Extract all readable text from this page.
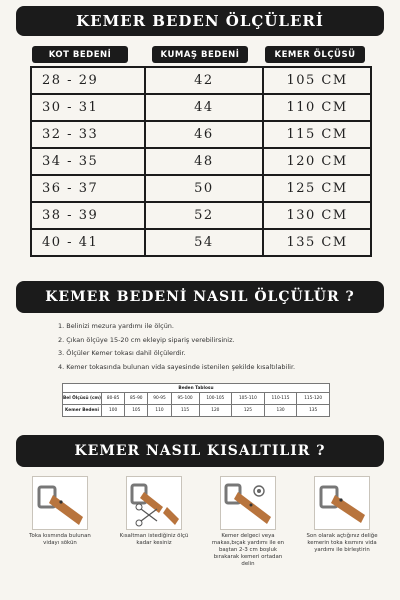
KEMER BEDEN ÖLÇÜLERİ
KOT BEDENİ	KUMAŞ BEDENİ	KEMER ÖLÇÜSÜ
28 - 29	42	105 CM
30 - 31	44	110 CM
32 - 33	46	115 CM
34 - 35	48	120 CM
36 - 37	50	125 CM
38 - 39	52	130 CM
40 - 41	54	135 CM
KEMER BEDENİ NASIL ÖLÇÜLÜR ?
1. Belinizi mezura yardımı ile ölçün.
2. Çıkan ölçüye 15-20 cm ekleyip sipariş verebilirsiniz.
3. Ölçüler Kemer tokası dahil ölçülerdir.
4. Kemer tokasında bulunan vida sayesinde istenilen şekilde kısaltılabilir.
Beden Tablosu								
Bel Ölçüsü (cm)	80-85	85-90	90-95	95-100	100-105	105-110	110-115	115-120
Kemer Bedeni	100	105	110	115	120	125	130	135
KEMER NASIL KISALTILIR ?
Toka kısmında bulunan vidayı sökün
Kısaltman istediğiniz ölçü kadar kesiniz
Kemer delgeci veya makas,bıçak yardımı ile en baştan 2-3 cm boşluk bırakarak kemeri ortadan delin
Son olarak açtığınız deliğe kemerin toka kısmını vida yardımı ile birleştirin
